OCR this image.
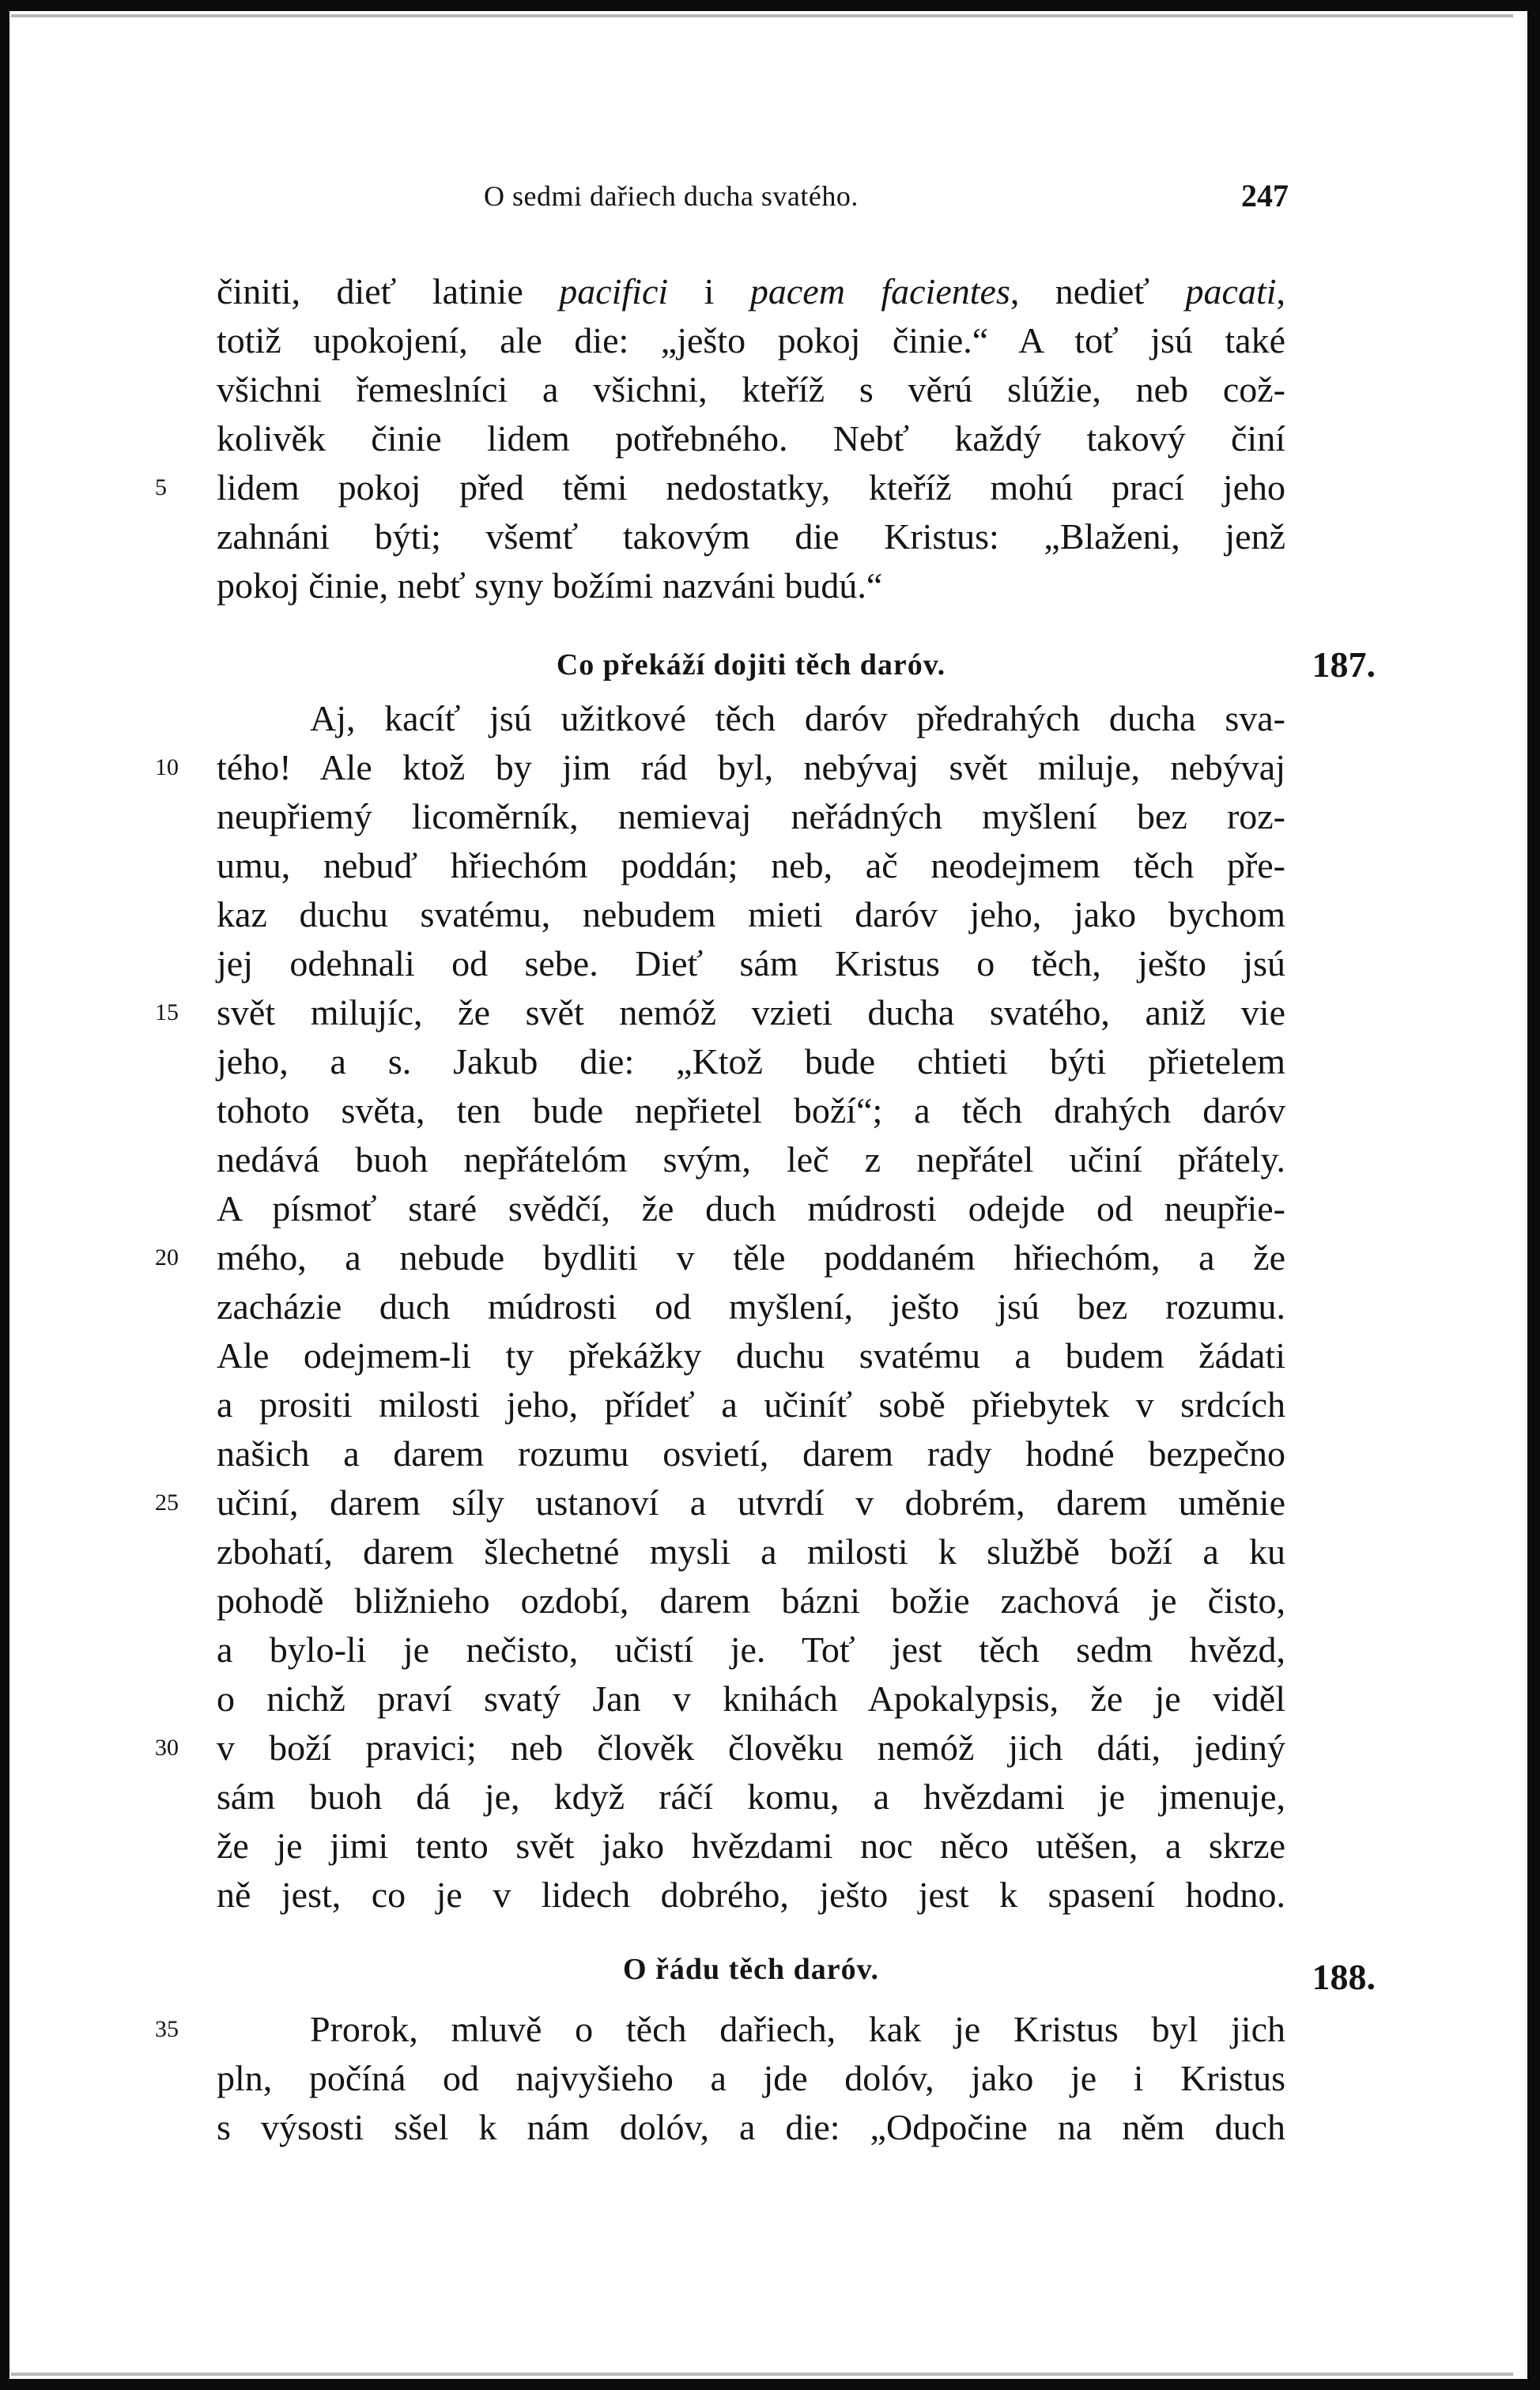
O sedmi dařiech ducha svatého.	247
činiti, dieť latinie pacifici i pacem facientes, nedieť pacati,
totiž upokojení, ale die: „ješto pokoj činie.“ A toť jsú také
všichni řemeslníci a všichni, kteříž s věrú slúžie, neb což-
kolivěk činie lidem potřebného. Nebť každý takový činí
5	lidem pokoj před těmi nedostatky, kteříž mohú prací jeho
zahnáni býti; všemť takovým die Kristus: „Blaženi, jenž
pokoj činie, nebť syny božími nazváni budú.“
Co překáží dojiti těch daróv.	187.
Aj, kacíť jsú užitkové těch daróv předrahých ducha sva-
10	tého! Ale ktož by jim rád byl, nebývaj svět miluje, nebývaj
neupřiemý licoměrník, nemievaj neřádných myšlení bez roz-
umu, nebuď hřiechóm poddán; neb, ač neodejmem těch pře-
kaz duchu svatému, nebudem mieti daróv jeho, jako bychom
jej odehnali od sebe. Dieť sám Kristus o těch, ješto jsú
15	svět milujíc, že svět nemóž vzieti ducha svatého, aniž vie
jeho, a s. Jakub die: „Ktož bude chtieti býti přietelem
tohoto světa, ten bude nepřietel boží“; a těch drahých daróv
nedává buoh nepřátelóm svým, leč z nepřátel učiní přátely.
A písmoť staré svědčí, že duch múdrosti odejde od neupřie-
20	mého, a nebude bydliti v těle poddaném hřiechóm, a že
zacházie duch múdrosti od myšlení, ješto jsú bez rozumu.
Ale odejmem-li ty překážky duchu svatému a budem žádati
a prositi milosti jeho, přídeť a učiníť sobě přiebytek v srdcích
našich a darem rozumu osvietí, darem rady hodné bezpečno
25	učiní, darem síly ustanoví a utvrdí v dobrém, darem uměnie
zbohatí, darem šlechetné mysli a milosti k službě boží a ku
pohodě bližnieho ozdobí, darem bázni božie zachová je čisto,
a bylo-li je nečisto, učistí je. Toť jest těch sedm hvězd,
o nichž praví svatý Jan v knihách Apokalypsis, že je viděl
30	v boží pravici; neb člověk člověku nemóž jich dáti, jediný
sám buoh dá je, když ráčí komu, a hvězdami je jmenuje,
že je jimi tento svět jako hvězdami noc něco utěšen, a skrze
ně jest, co je v lidech dobrého, ješto jest k spasení hodno.
O řádu těch daróv.	188.
35	Prorok, mluvě o těch dařiech, kak je Kristus byl jich
pln, počíná od najvyšieho a jde dolóv, jako je i Kristus
s výsosti sšel k nám dolóv, a die: „Odpočine na něm duch
